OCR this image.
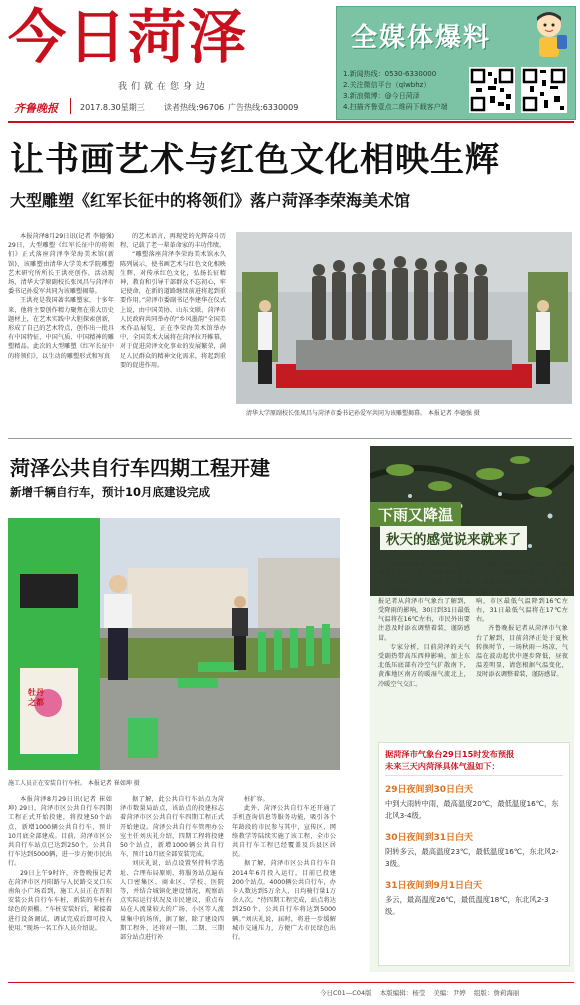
今日菏泽
我们就在您身边
齐鲁晚报	2017.8.30星期三 读者热线:96706 广告热线:6330009
全媒体爆料
1.新闻热线：0530-6330000
2.关注微信平台（qlwbhz）
3.新浪微博：@今日菏泽
4.扫描齐鲁壹点二维码下载客户端
让书画艺术与红色文化相映生辉
大型雕塑《红军长征中的将领们》落户菏泽李荣海美术馆

本报菏泽8月29日讯(记者 李德强) 29日，大型雕塑《红军长征中的将领们》正式落座菏泽李荣海美术馆(新馆)，该雕塑由清华大学美术学院雕塑艺术研究所所长王洪亮创作，活动现场，清华大学原副校长张凤昌与菏泽市委书记孙爱军共同为该雕塑揭幕。

王洪亮是我国著名雕塑家，十多年来，他将主要创作精力聚焦在重大历史题材上，在艺术实践中大胆探索创新，形成了自己的艺术特点，创作出一批具有中国特征、中国气质、中国精神的雕塑精品。此次的大型雕塑《红军长征中的将领们》，以生动的雕塑形式和写真

的艺术语言，再现党的光辉奋斗历程，记载了老一辈革命家的丰功伟绩。

“雕塑落座菏泽李荣海美术馆永久陈列展示，使书画艺术与红色文化相映生辉，对传承红色文化，弘扬长征精神，教育和引导干部群众不忘初心，牢记使命，在新的道路继续前进将起到重要作用。”菏泽市委副书记李建华在仪式上说，由中国美协、山东文联、菏泽市人民政府共同举办的“乡风墨韵”全国美术作品展览，正在李荣海美术馆举办中，全国美术大展将在菏泽拉开帷幕，对于促进菏泽文化事业的发展繁荣，满足人民群众的精神文化需求，将起到重要的促进作用。

清华大学原副校长张凤昌与菏泽市委书记孙爱军共同为该雕塑揭幕。 本报记者 李德强 摄
菏泽公共自行车四期工程开建
新增千辆自行车，预计10月底建设完成
牡丹之都
施工人员正在安装自行车桩。 本报记者 崔如坤 摄

本报菏泽8月29日讯(记者 崔如坤) 29日，菏泽市区公共自行车四期工程正式开始投建，将投建50个站点，新增1000辆公共自行车，预计10月底全部建成。目前，菏泽市区公共自行车站点已达到250个，公共自行车达到5000辆，进一步方便市民出行。

29日上午9时许，齐鲁晚报记者在菏泽市区丹阳路与人民路交叉口东南角小广场看到，施工人员正在晋阳安装公共自行车车桩，新装的车桩有绿色的顶棚。“车桩安装好后，紧接着进行设备调试，调试完成后即可投入使用。”现场一名工作人员介绍说。

据了解，此公共自行车站点为菏泽市数量局站点，该站点的投建标志着菏泽市区公共自行车四期工程正式开始建设。菏泽公共自行车管理办公室主任刘庆礼介绍，四期工程将投建50个站点，新增1000辆公共自行车，预计10月底全部安装完成。

刘庆礼说，站点设置坚持科学选址、合理布局原则，将服务站点遍布人口密集区、商业区、学校、医院等，并结合城镇化建设情况，观察站点实际运行状况及市民建议，重点布局在人流量较大的广场、小区等人流量集中的场所，据了解，除了建设四期工程外，还将对一期、二期、三期部分站点进行补

桩扩容。

此外，菏泽公共自行车还开通了手机查询信息等服务功能，吸引各个年龄段的市民参与其中，宣传区、网络教学等陆续实施了该工程，全市公共自行车工程已经覆盖及兵县区居民。

据了解，菏泽市区公共自行车自2014年6月投入运行，目前已投建200个站点，4000辆公共自行车，办卡人数达到5万余人，日均骑行量1万余人次。“待四期工程完成，站点将达到250个，公共自行车将达到5000辆。”刘庆礼说，届时，将进一步缓解城市交通压力，方便广大市民绿色出行。

下雨又降温
秋天的感觉说来就来了

本报菏泽8月29日讯(记者 李德强) 近几日来，菏泽市阴雨天气，让炎热了许久的夏天不开窗也可以睡个好觉，29日，齐鲁晚报记者从菏泽市气象台了解到，受降雨的影响，30日到31日最低气温将在16℃左右，市民外出要注意及时添衣调整着装，谨防感冒。

专家分析，目前菏泽的天气受副热带高压西伸影响，加上东北低压底部有冷空气扩散南下，黄淮地区南方的暖湿气流北上，冷暖空气交汇。

预计29日下午到30日，菏泽有一次大范围降雨天气过程，累计雨量各县区为中到大雨，雨天降温，将给市民出行带来一定影响，市区最低气温降到16℃左右，31日最低气温将在17℃左右。

齐鲁晚报记者从菏泽市气象台了解到，目前菏泽正处于夏秋转换时节，一场秋雨一场凉，气温在波动起伏中逐步降低，昼夜温差明显，请您根据气温变化，及时添衣调整着装，谨防感冒。

据菏泽市气象台29日15时发布预报
未来三天内菏泽具体气温如下：
29日夜间到30日白天
中到大雨转中雨，最高温度20℃，最低温度16℃，东北风3-4级。
30日夜间到31日白天
阴转多云，最高温度23℃，最低温度16℃，东北风2-3级。
31日夜间到9月1日白天
多云，最高温度26℃，最低温度18℃，东北风2-3级。
今日C01—C04版 本版编辑：杨莹 美编：尹婷 组版：詹莉海丽
